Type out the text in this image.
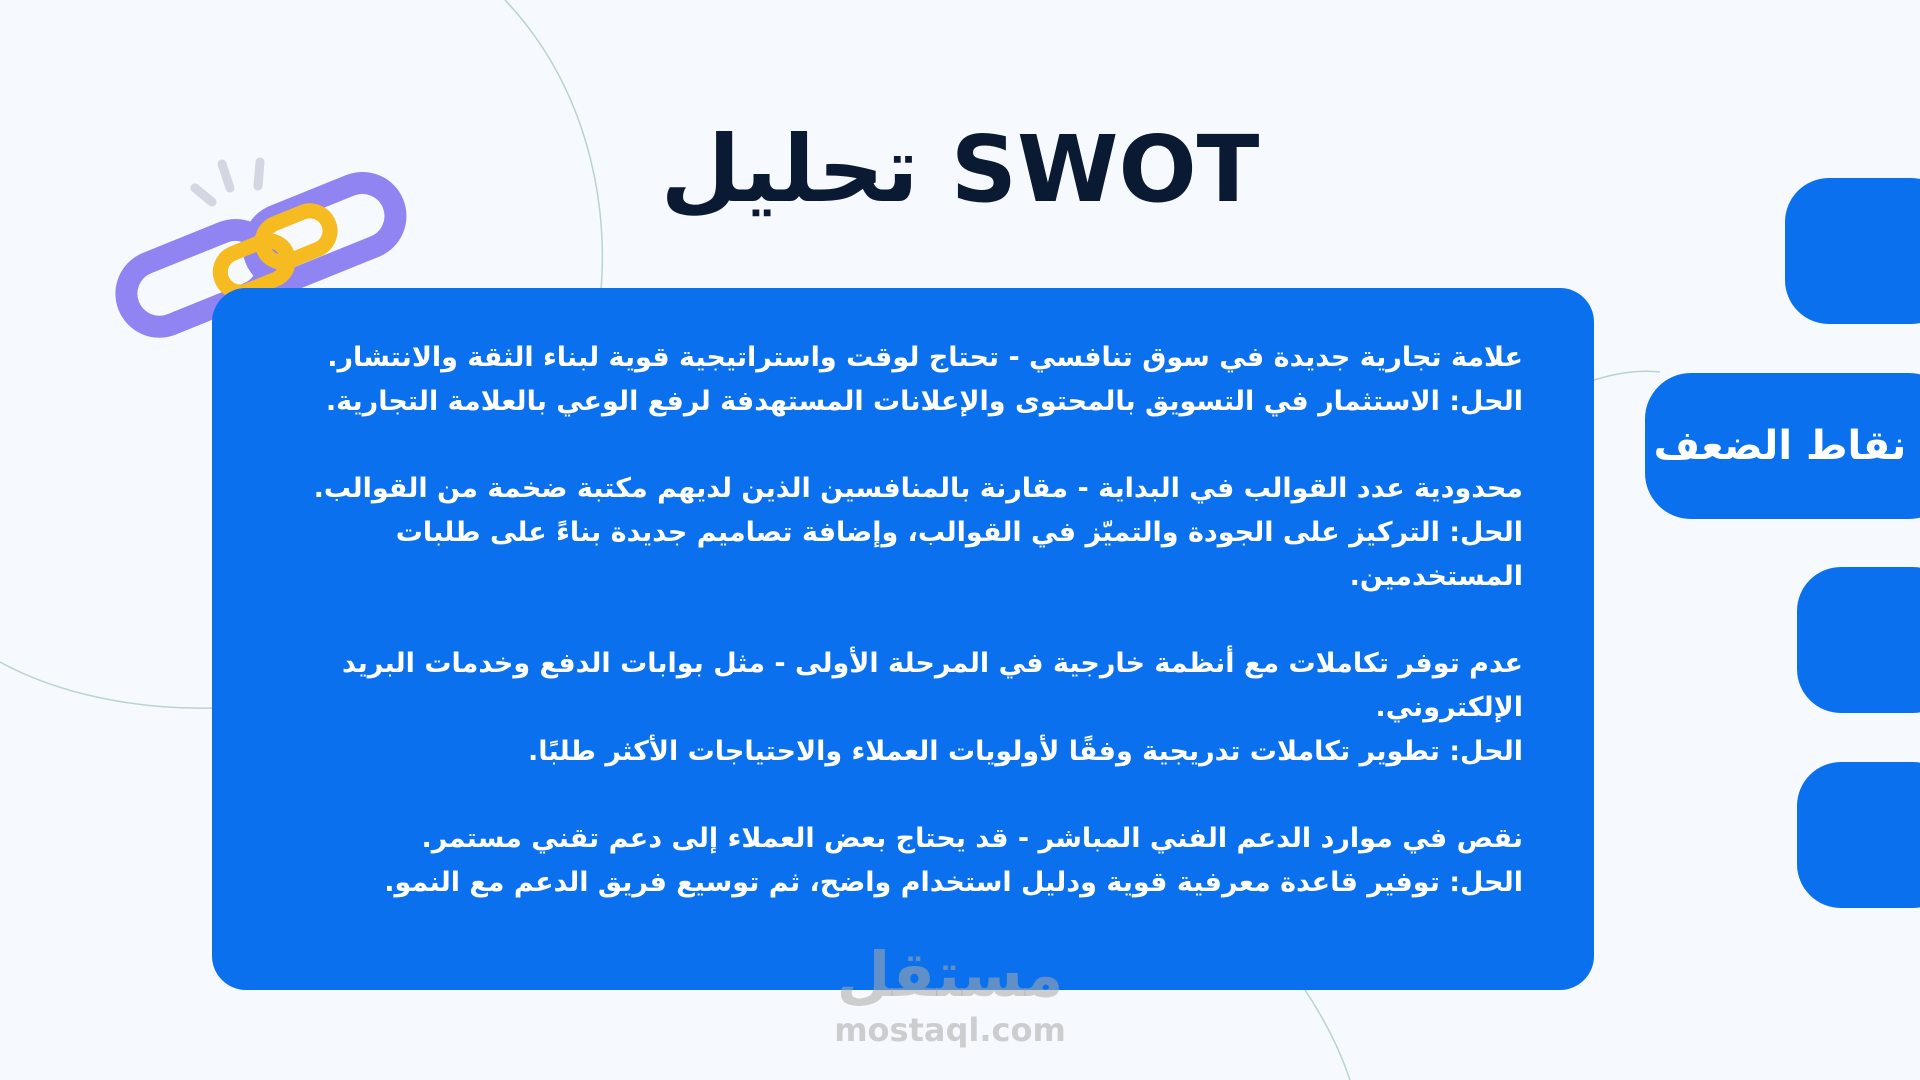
تحليل SWOT

علامة تجارية جديدة في سوق تنافسي - تحتاج لوقت واستراتيجية قوية لبناء الثقة والانتشار.

الحل: الاستثمار في التسويق بالمحتوى والإعلانات المستهدفة لرفع الوعي بالعلامة التجارية.

محدودية عدد القوالب في البداية - مقارنة بالمنافسين الذين لديهم مكتبة ضخمة من القوالب.

الحل: التركيز على الجودة والتميّز في القوالب، وإضافة تصاميم جديدة بناءً على طلبات المستخدمين.

عدم توفر تكاملات مع أنظمة خارجية في المرحلة الأولى - مثل بوابات الدفع وخدمات البريد الإلكتروني.

الحل: تطوير تكاملات تدريجية وفقًا لأولويات العملاء والاحتياجات الأكثر طلبًا.

نقص في موارد الدعم الفني المباشر - قد يحتاج بعض العملاء إلى دعم تقني مستمر.

الحل: توفير قاعدة معرفية قوية ودليل استخدام واضح، ثم توسيع فريق الدعم مع النمو.

نقاط الضعف
مستقل
mostaql.com
